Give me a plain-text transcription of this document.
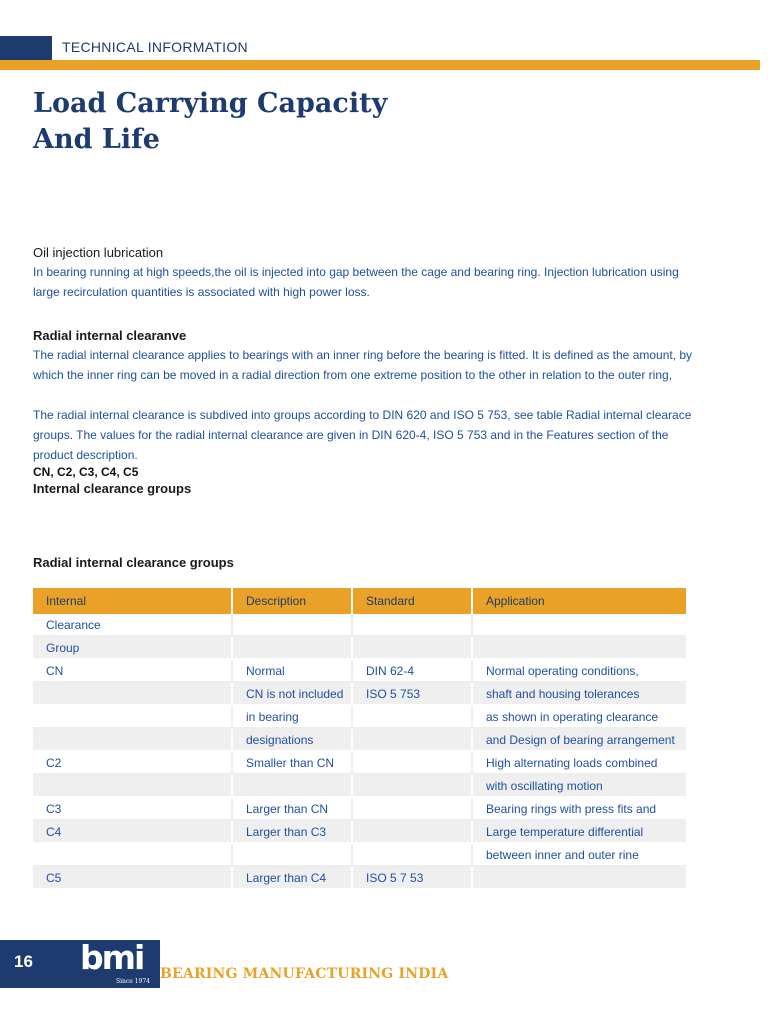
TECHNICAL INFORMATION
Load Carrying Capacity
And Life

Oil injection lubrication

In bearing running at high speeds,the oil is injected into gap between the cage and bearing ring. Injection lubrication using large recirculation quantities is associated with high power loss.

Radial internal clearanve

The radial internal clearance applies to bearings with an inner ring before the bearing is fitted. It is defined as the amount, by which the inner ring can be moved in a radial direction from one extreme position to the other in relation to the outer ring,

The radial internal clearance is subdived into groups according to DIN 620 and ISO 5 753, see table Radial internal clearace groups. The values for the radial internal clearance are given in DIN 620-4, ISO 5 753 and in the Features section of the product description.

CN, C2, C3, C4, C5

Internal clearance groups

Radial internal clearance groups

Internal	Description	Standard	Application
Clearance			
Group			
CN	Normal	DIN 62-4	Normal operating conditions,
	CN is not included	ISO 5 753	shaft and housing tolerances
	in bearing		as shown in operating clearance
	designations		and Design of bearing arrangement
C2	Smaller than CN		High alternating loads combined
			with oscillating motion
C3	Larger than CN		Bearing rings with press fits and
C4	Larger than C3		Large temperature differential
			between inner and outer rine
C5	Larger than C4	ISO 5 7 53	
16 bmi
Since 1974 BEARING MANUFACTURING INDIA
